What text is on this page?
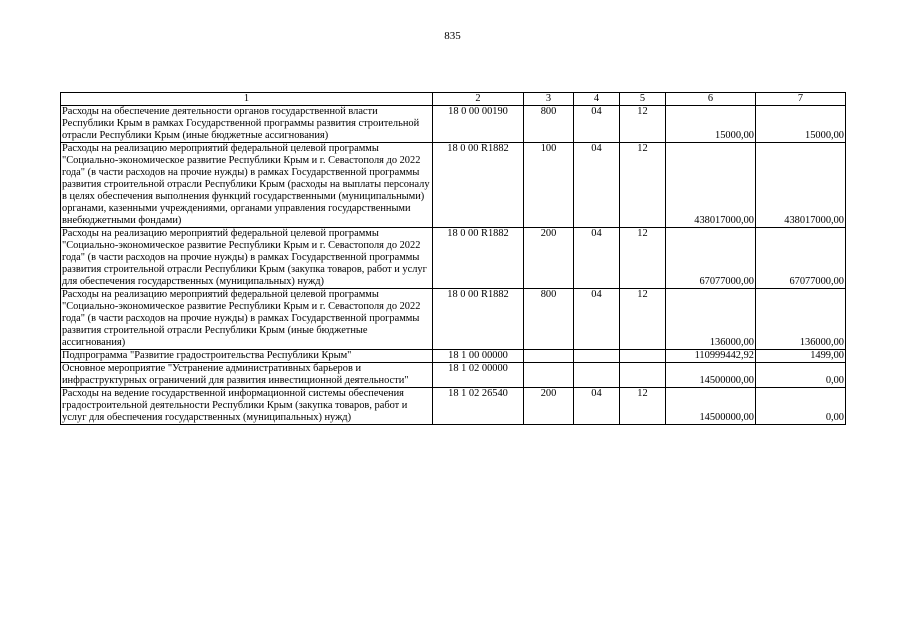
835
1	2	3	4	5	6	7
Расходы на обеспечение деятельности органов государственной власти Республики Крым в рамках Государственной программы развития строительной отрасли Республики Крым (иные бюджетные ассигнования)	18 0 00 00190	800	04	12	15000,00	15000,00
Расходы на реализацию мероприятий федеральной целевой программы "Социально-экономическое развитие Республики Крым и г. Севастополя до 2022 года" (в части расходов на прочие нужды) в рамках Государственной программы развития строительной отрасли Республики Крым (расходы на выплаты персоналу в целях обеспечения выполнения функций государственными (муниципальными) органами, казенными учреждениями, органами управления государственными внебюджетными фондами)	18 0 00 R1882	100	04	12	438017000,00	438017000,00
Расходы на реализацию мероприятий федеральной целевой программы "Социально-экономическое развитие Республики Крым и г. Севастополя до 2022 года" (в части расходов на прочие нужды) в рамках Государственной программы развития строительной отрасли Республики Крым (закупка товаров, работ и услуг для обеспечения государственных (муниципальных) нужд)	18 0 00 R1882	200	04	12	67077000,00	67077000,00
Расходы на реализацию мероприятий федеральной целевой программы "Социально-экономическое развитие Республики Крым и г. Севастополя до 2022 года" (в части расходов на прочие нужды) в рамках Государственной программы развития строительной отрасли Республики Крым (иные бюджетные ассигнования)	18 0 00 R1882	800	04	12	136000,00	136000,00
Подпрограмма "Развитие градостроительства Республики Крым"	18 1 00 00000				110999442,92	1499,00
Основное мероприятие "Устранение административных барьеров и инфраструктурных ограничений для развития инвестиционной деятельности"	18 1 02 00000				14500000,00	0,00
Расходы на ведение государственной информационной системы обеспечения градостроительной деятельности Республики Крым (закупка товаров, работ и услуг для обеспечения государственных (муниципальных) нужд)	18 1 02 26540	200	04	12	14500000,00	0,00
